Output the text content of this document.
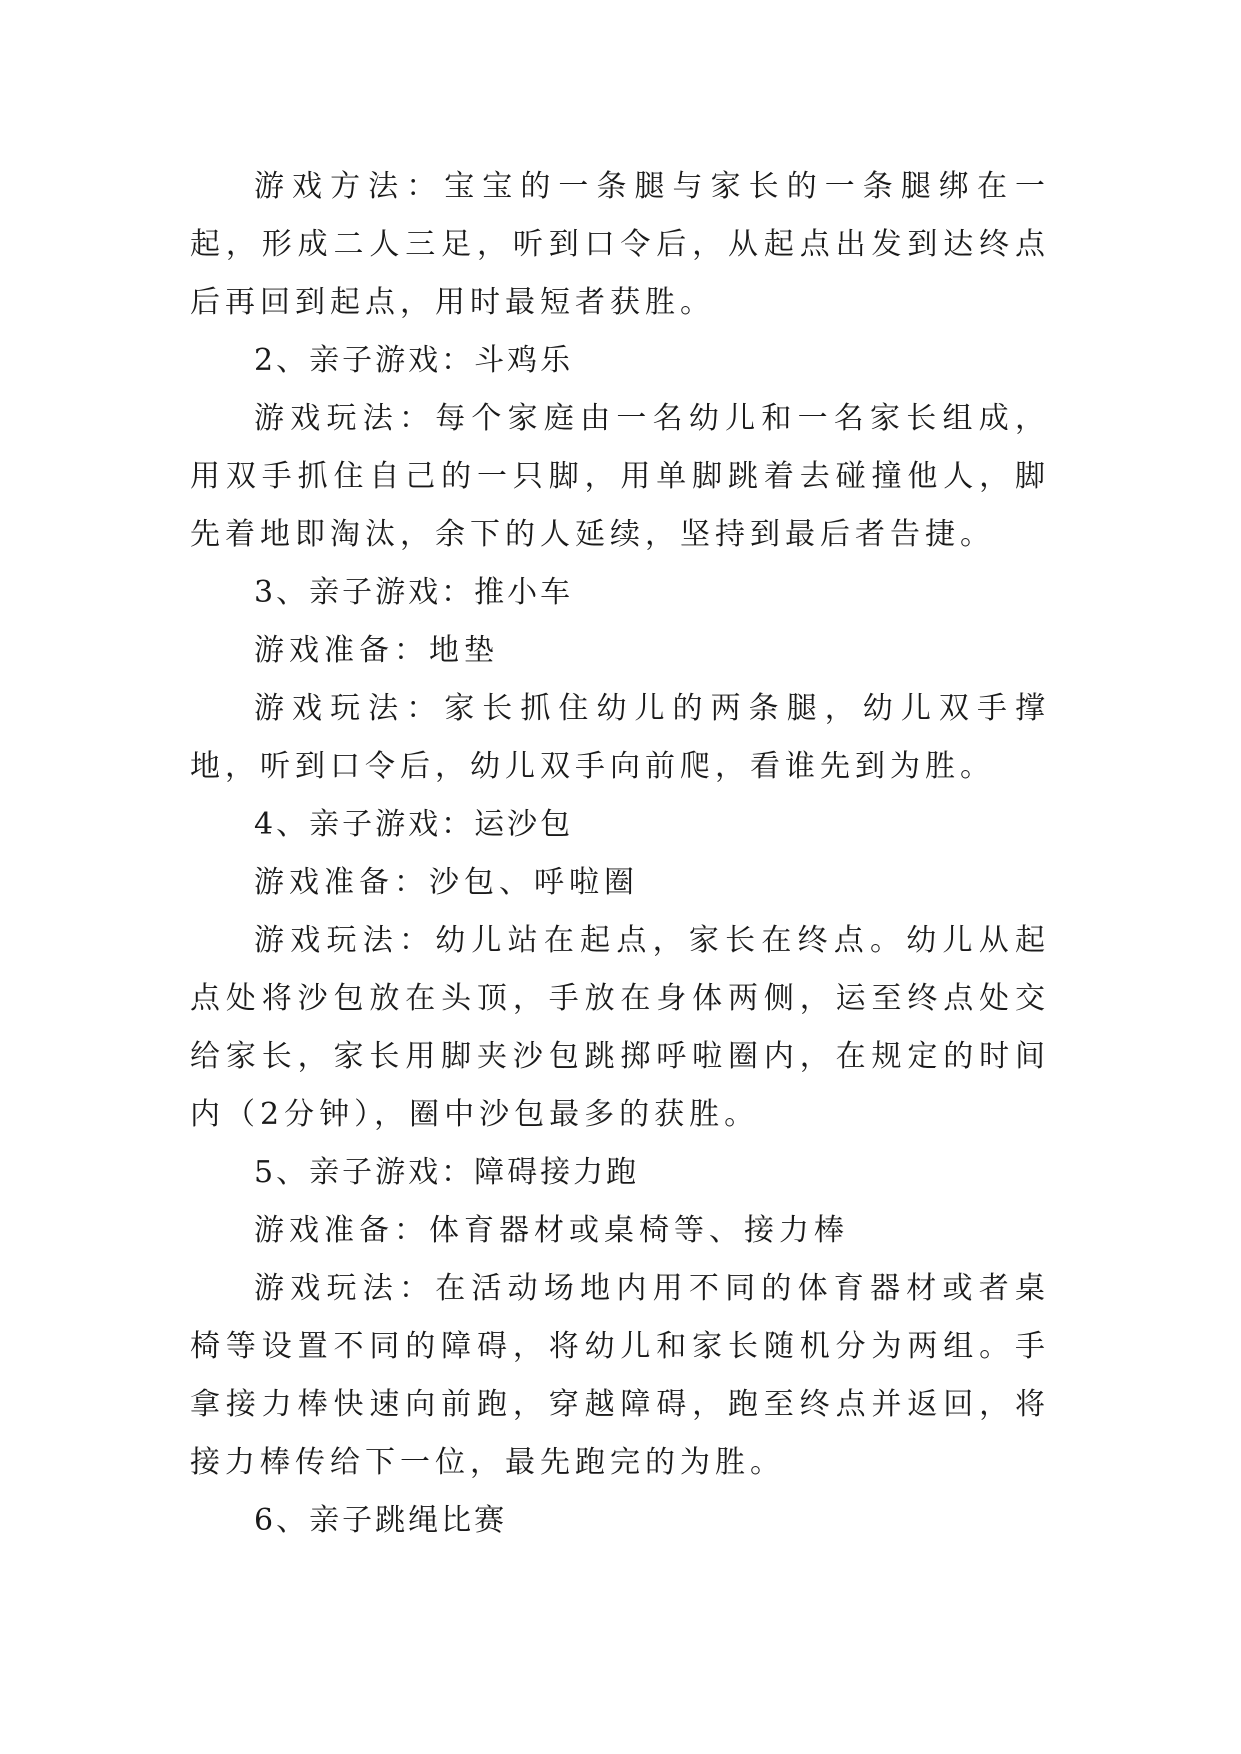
游戏方法：宝宝的一条腿与家长的一条腿绑在一起，形成二人三足，听到口令后，从起点出发到达终点后再回到起点，用时最短者获胜。

2、亲子游戏：斗鸡乐

游戏玩法：每个家庭由一名幼儿和一名家长组成，用双手抓住自己的一只脚，用单脚跳着去碰撞他人，脚先着地即淘汰，余下的人延续，坚持到最后者告捷。

3、亲子游戏：推小车

游戏准备：地垫

游戏玩法：家长抓住幼儿的两条腿，幼儿双手撑地，听到口令后，幼儿双手向前爬，看谁先到为胜。

4、亲子游戏：运沙包

游戏准备：沙包、呼啦圈

游戏玩法：幼儿站在起点，家长在终点。幼儿从起点处将沙包放在头顶，手放在身体两侧，运至终点处交给家长，家长用脚夹沙包跳掷呼啦圈内，在规定的时间内（2分钟），圈中沙包最多的获胜。

5、亲子游戏：障碍接力跑

游戏准备：体育器材或桌椅等、接力棒

游戏玩法：在活动场地内用不同的体育器材或者桌椅等设置不同的障碍，将幼儿和家长随机分为两组。手拿接力棒快速向前跑，穿越障碍，跑至终点并返回，将接力棒传给下一位，最先跑完的为胜。

6、亲子跳绳比赛
